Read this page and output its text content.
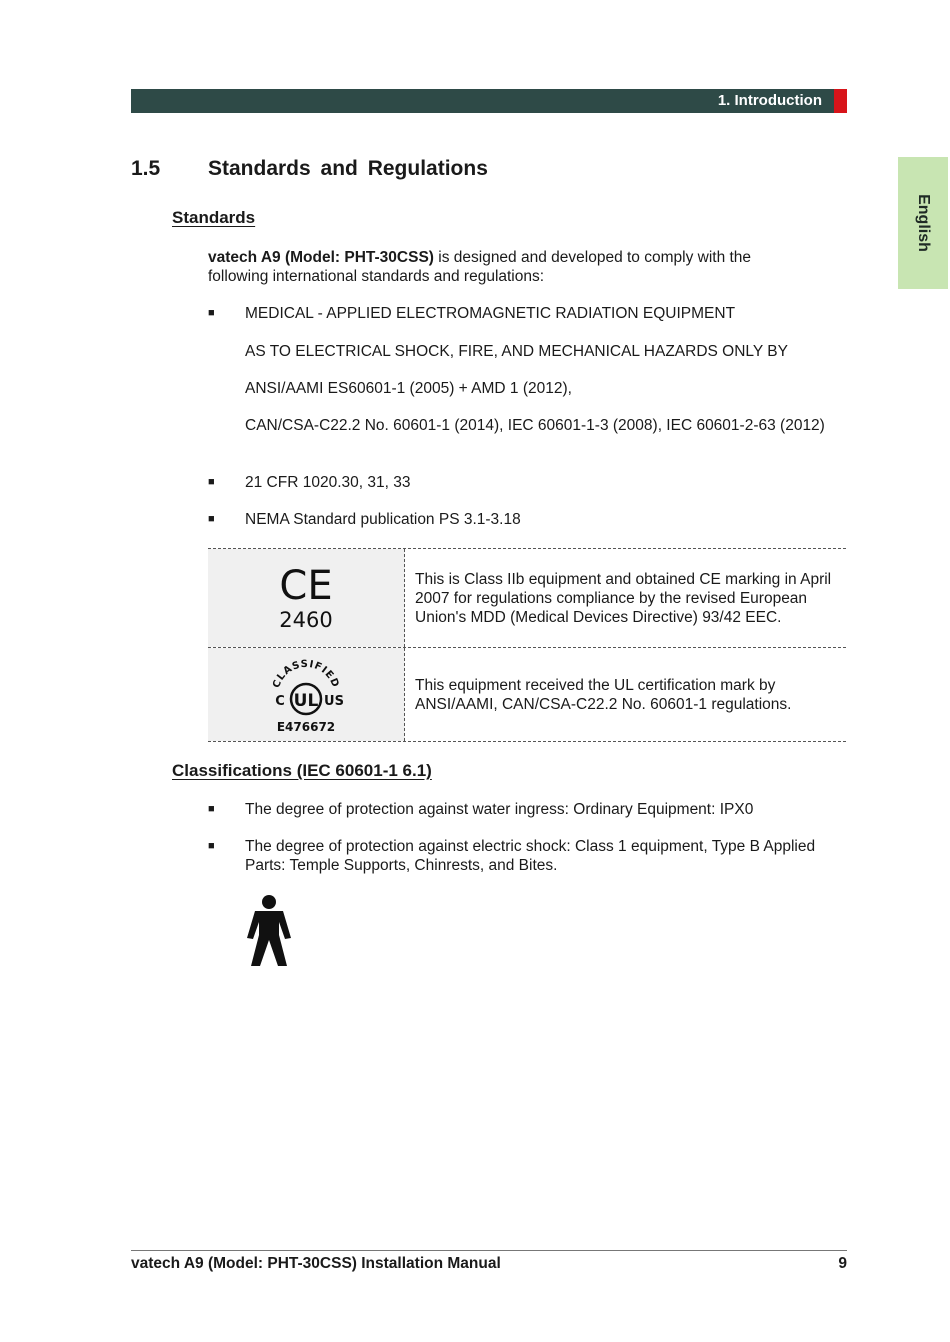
1. Introduction
English
1.5 Standards and Regulations
Standards
vatech A9 (Model: PHT-30CSS) is designed and developed to comply with the following international standards and regulations:
■ MEDICAL - APPLIED ELECTROMAGNETIC RADIATION EQUIPMENT
AS TO ELECTRICAL SHOCK, FIRE, AND MECHANICAL HAZARDS ONLY BY
ANSI/AAMI ES60601-1 (2005) + AMD 1 (2012),
CAN/CSA-C22.2 No. 60601-1 (2014), IEC 60601-1-3 (2008), IEC 60601-2-63 (2012)
■ 21 CFR 1020.30, 31, 33
■ NEMA Standard publication PS 3.1-3.18
CE
2460
This is Class IIb equipment and obtained CE marking in April 2007 for regulations compliance by the revised European Union's MDD (Medical Devices Directive) 93/42 EEC.
CLASSIFIED
UL
C	US
E476672
This equipment received the UL certification mark by ANSI/AAMI, CAN/CSA-C22.2 No. 60601-1 regulations.
Classifications (IEC 60601-1 6.1)
■ The degree of protection against water ingress: Ordinary Equipment: IPX0
■ The degree of protection against electric shock: Class 1 equipment, Type B Applied Parts: Temple Supports, Chinrests, and Bites.
vatech A9 (Model: PHT-30CSS) Installation Manual	9
